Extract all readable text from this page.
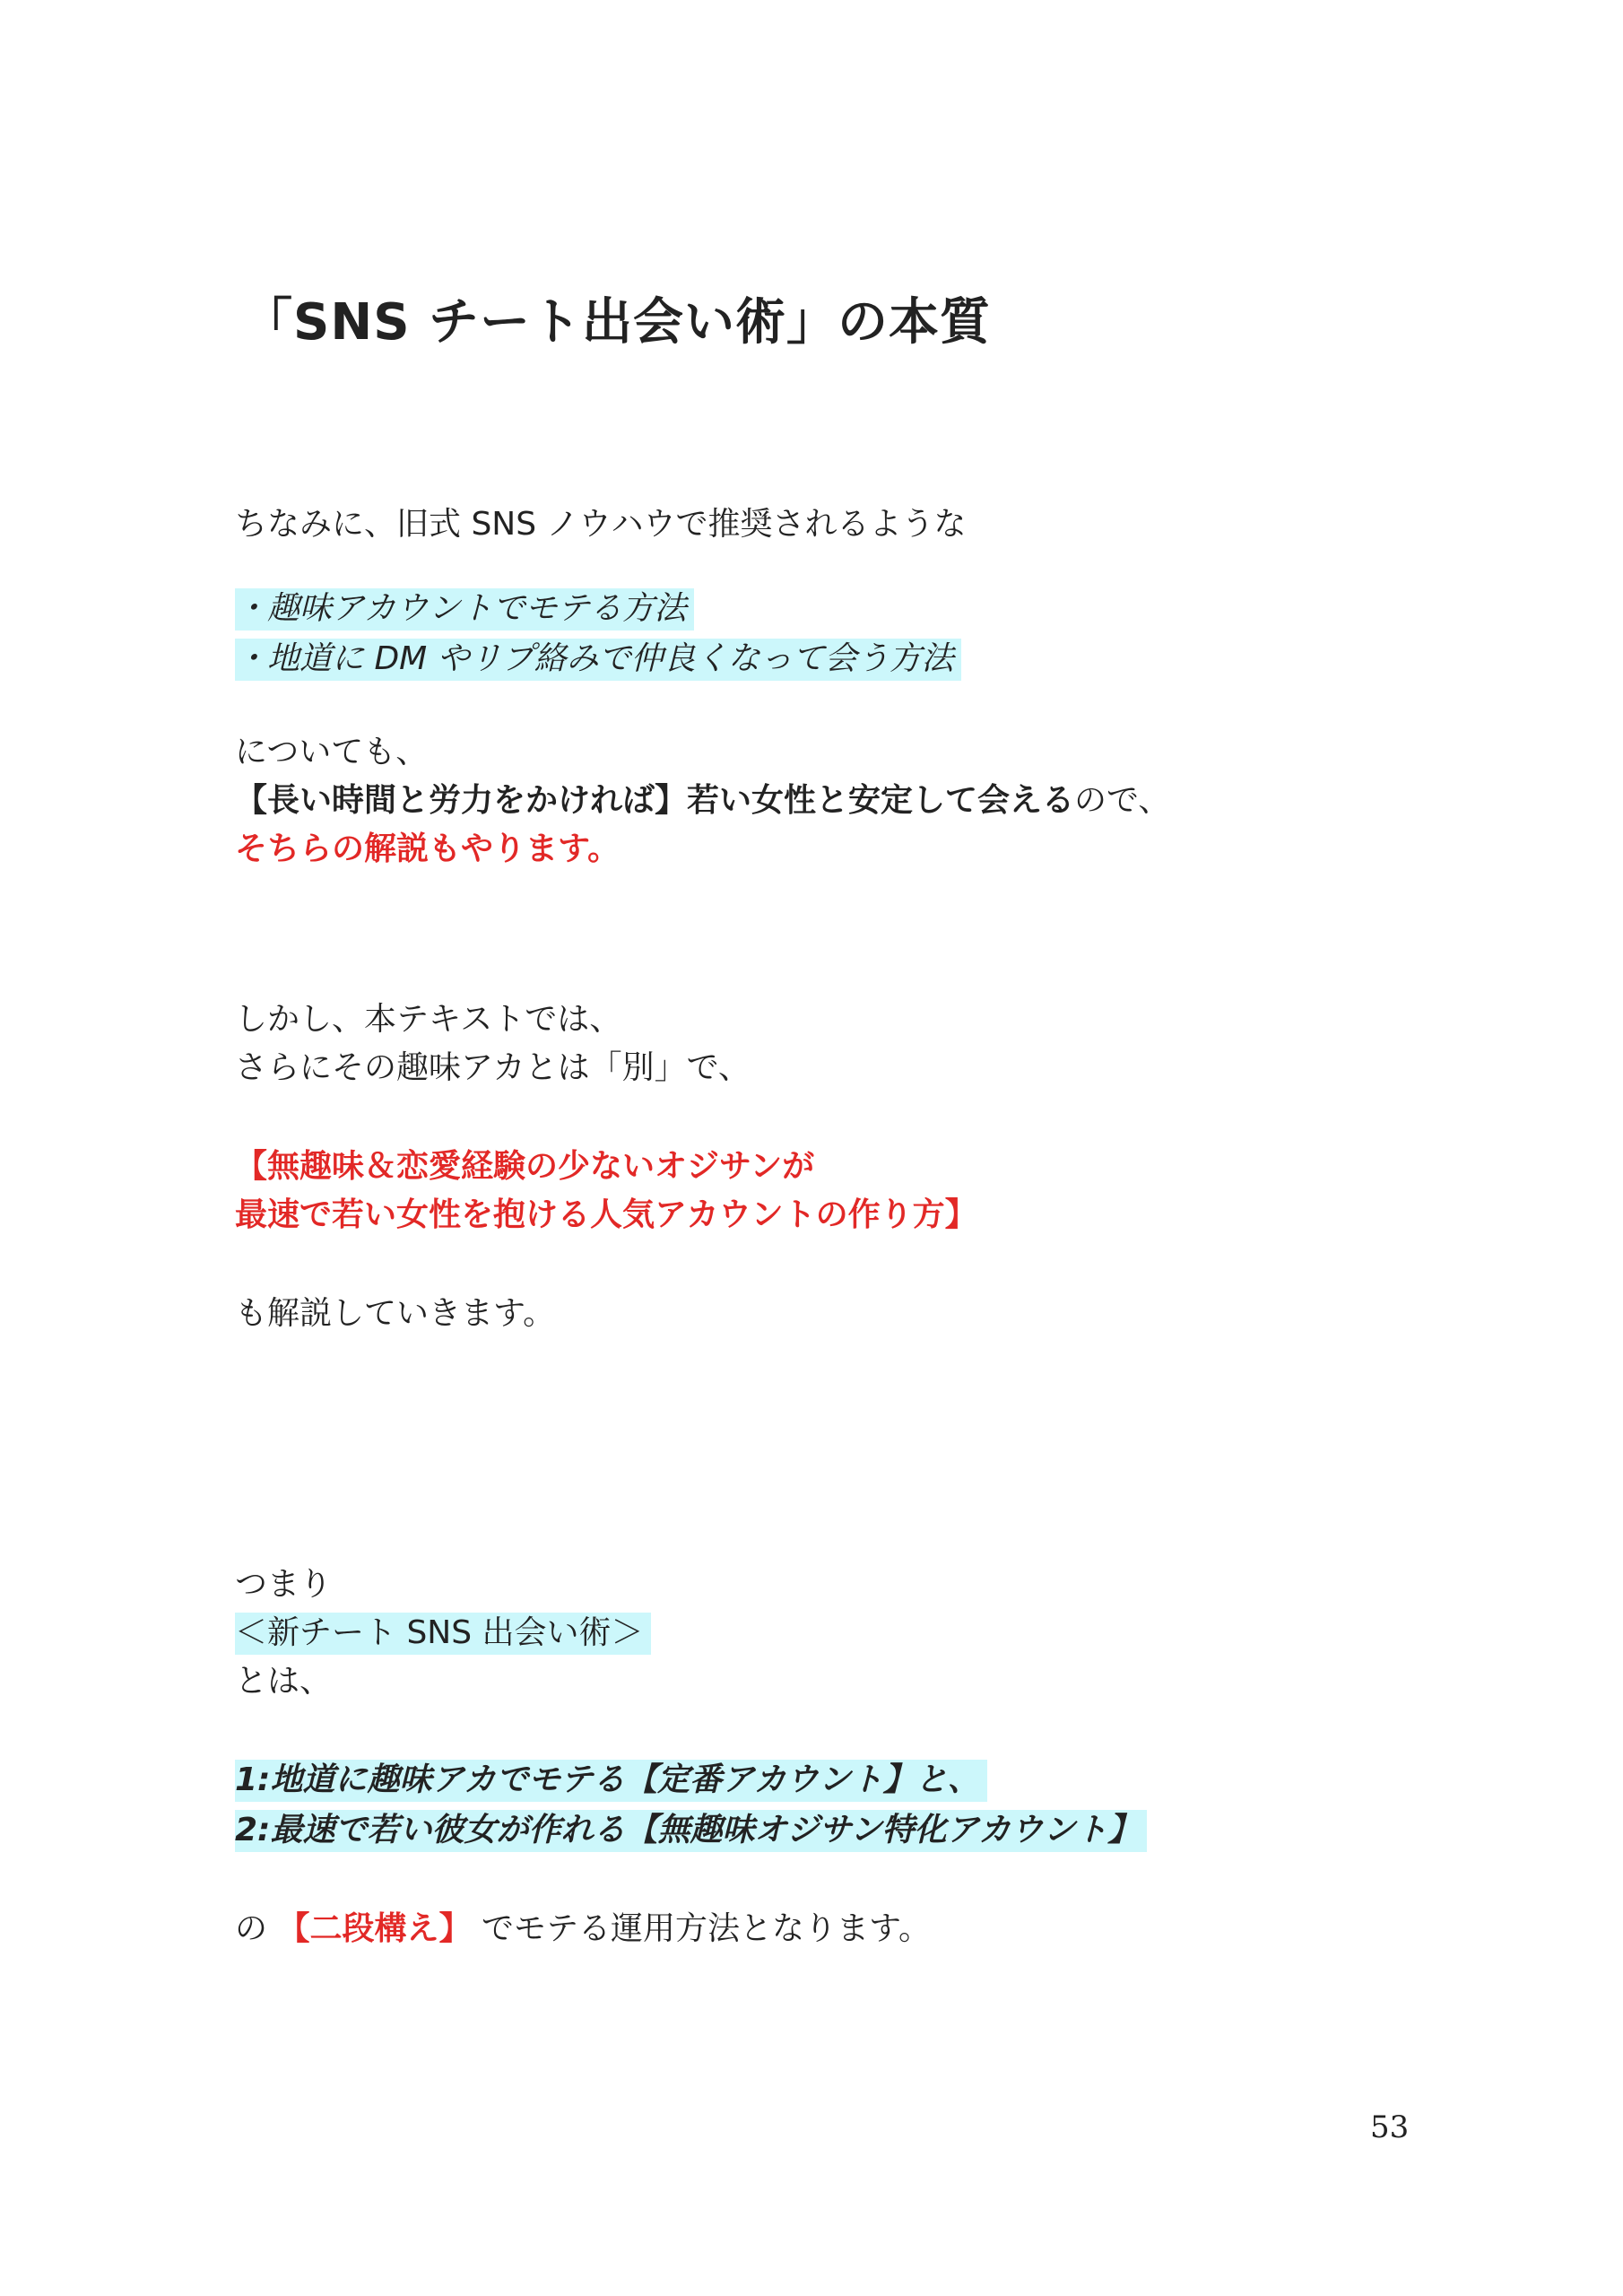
「SNS チート出会い術」の本質

ちなみに、旧式 SNS ノウハウで推奨されるような

・趣味アカウントでモテる方法

・地道に DM やリプ絡みで仲良くなって会う方法

についても、

【長い時間と労力をかければ】若い女性と安定して会えるので、

そちらの解説もやります。

しかし、本テキストでは、

さらにその趣味アカとは「別」で、

【無趣味＆恋愛経験の少ないオジサンが

最速で若い女性を抱ける人気アカウントの作り方】

も解説していきます。

つまり

＜新チート SNS 出会い術＞

とは、

1:地道に趣味アカでモテる【定番アカウント】と、

2:最速で若い彼女が作れる【無趣味オジサン特化アカウント】

の 【二段構え】 でモテる運用方法となります。

53
